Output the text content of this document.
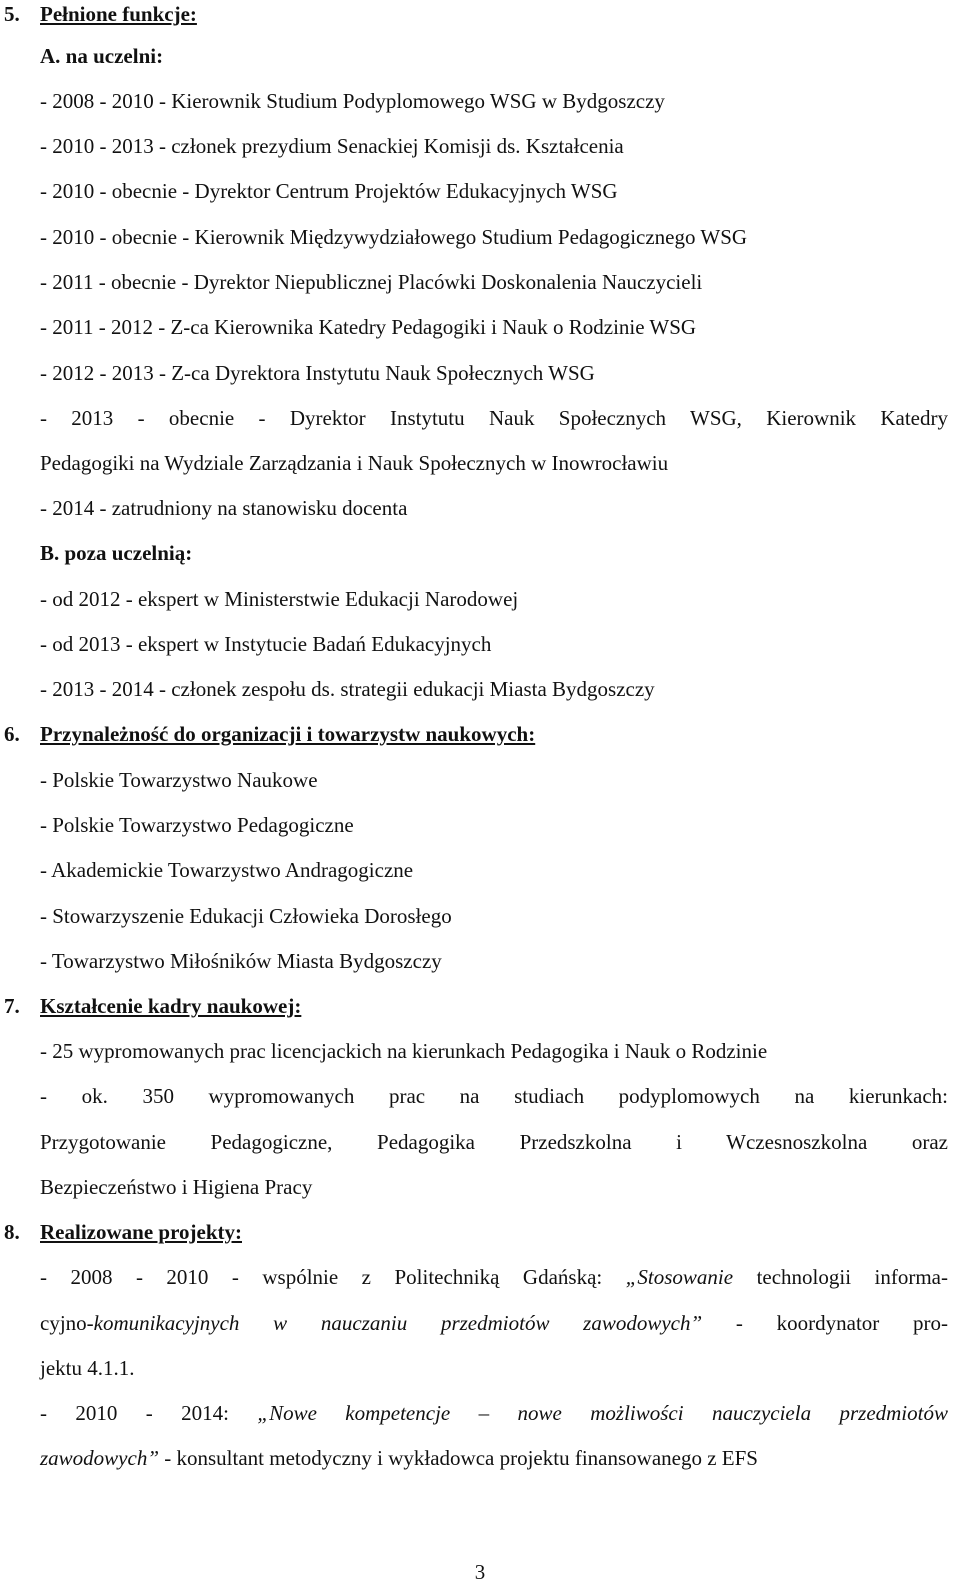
5. Pełnione funkcje:
A. na uczelni:
- 2008 - 2010 - Kierownik Studium Podyplomowego WSG w Bydgoszczy
- 2010 - 2013 - członek prezydium Senackiej Komisji ds. Kształcenia
- 2010 - obecnie - Dyrektor Centrum Projektów Edukacyjnych WSG
- 2010 - obecnie - Kierownik Międzywydziałowego Studium Pedagogicznego WSG
- 2011 - obecnie - Dyrektor Niepublicznej Placówki Doskonalenia Nauczycieli
- 2011 - 2012 - Z-ca Kierownika Katedry Pedagogiki i Nauk o Rodzinie WSG
- 2012 - 2013 - Z-ca Dyrektora Instytutu Nauk Społecznych WSG
- 2013 - obecnie - Dyrektor Instytutu Nauk Społecznych WSG, Kierownik Katedry
Pedagogiki na Wydziale Zarządzania i Nauk Społecznych w Inowrocławiu
- 2014 - zatrudniony na stanowisku docenta
B. poza uczelnią:
- od 2012 - ekspert w Ministerstwie Edukacji Narodowej
- od 2013 - ekspert w Instytucie Badań Edukacyjnych
- 2013 - 2014 - członek zespołu ds. strategii edukacji Miasta Bydgoszczy
6. Przynależność do organizacji i towarzystw naukowych:
- Polskie Towarzystwo Naukowe
- Polskie Towarzystwo Pedagogiczne
- Akademickie Towarzystwo Andragogiczne
- Stowarzyszenie Edukacji Człowieka Dorosłego
- Towarzystwo Miłośników Miasta Bydgoszczy
7. Kształcenie kadry naukowej:
- 25 wypromowanych prac licencjackich na kierunkach Pedagogika i Nauk o Rodzinie
- ok. 350 wypromowanych prac na studiach podyplomowych na kierunkach:
Przygotowanie Pedagogiczne, Pedagogika Przedszkolna i Wczesnoszkolna oraz
Bezpieczeństwo i Higiena Pracy
8. Realizowane projekty:
- 2008 - 2010 - wspólnie z Politechniką Gdańską: „Stosowanie technologii informa-
cyjno-komunikacyjnych w nauczaniu przedmiotów zawodowych” - koordynator pro-
jektu 4.1.1.
- 2010 - 2014: „Nowe kompetencje – nowe możliwości nauczyciela przedmiotów
zawodowych” - konsultant metodyczny i wykładowca projektu finansowanego z EFS
3
